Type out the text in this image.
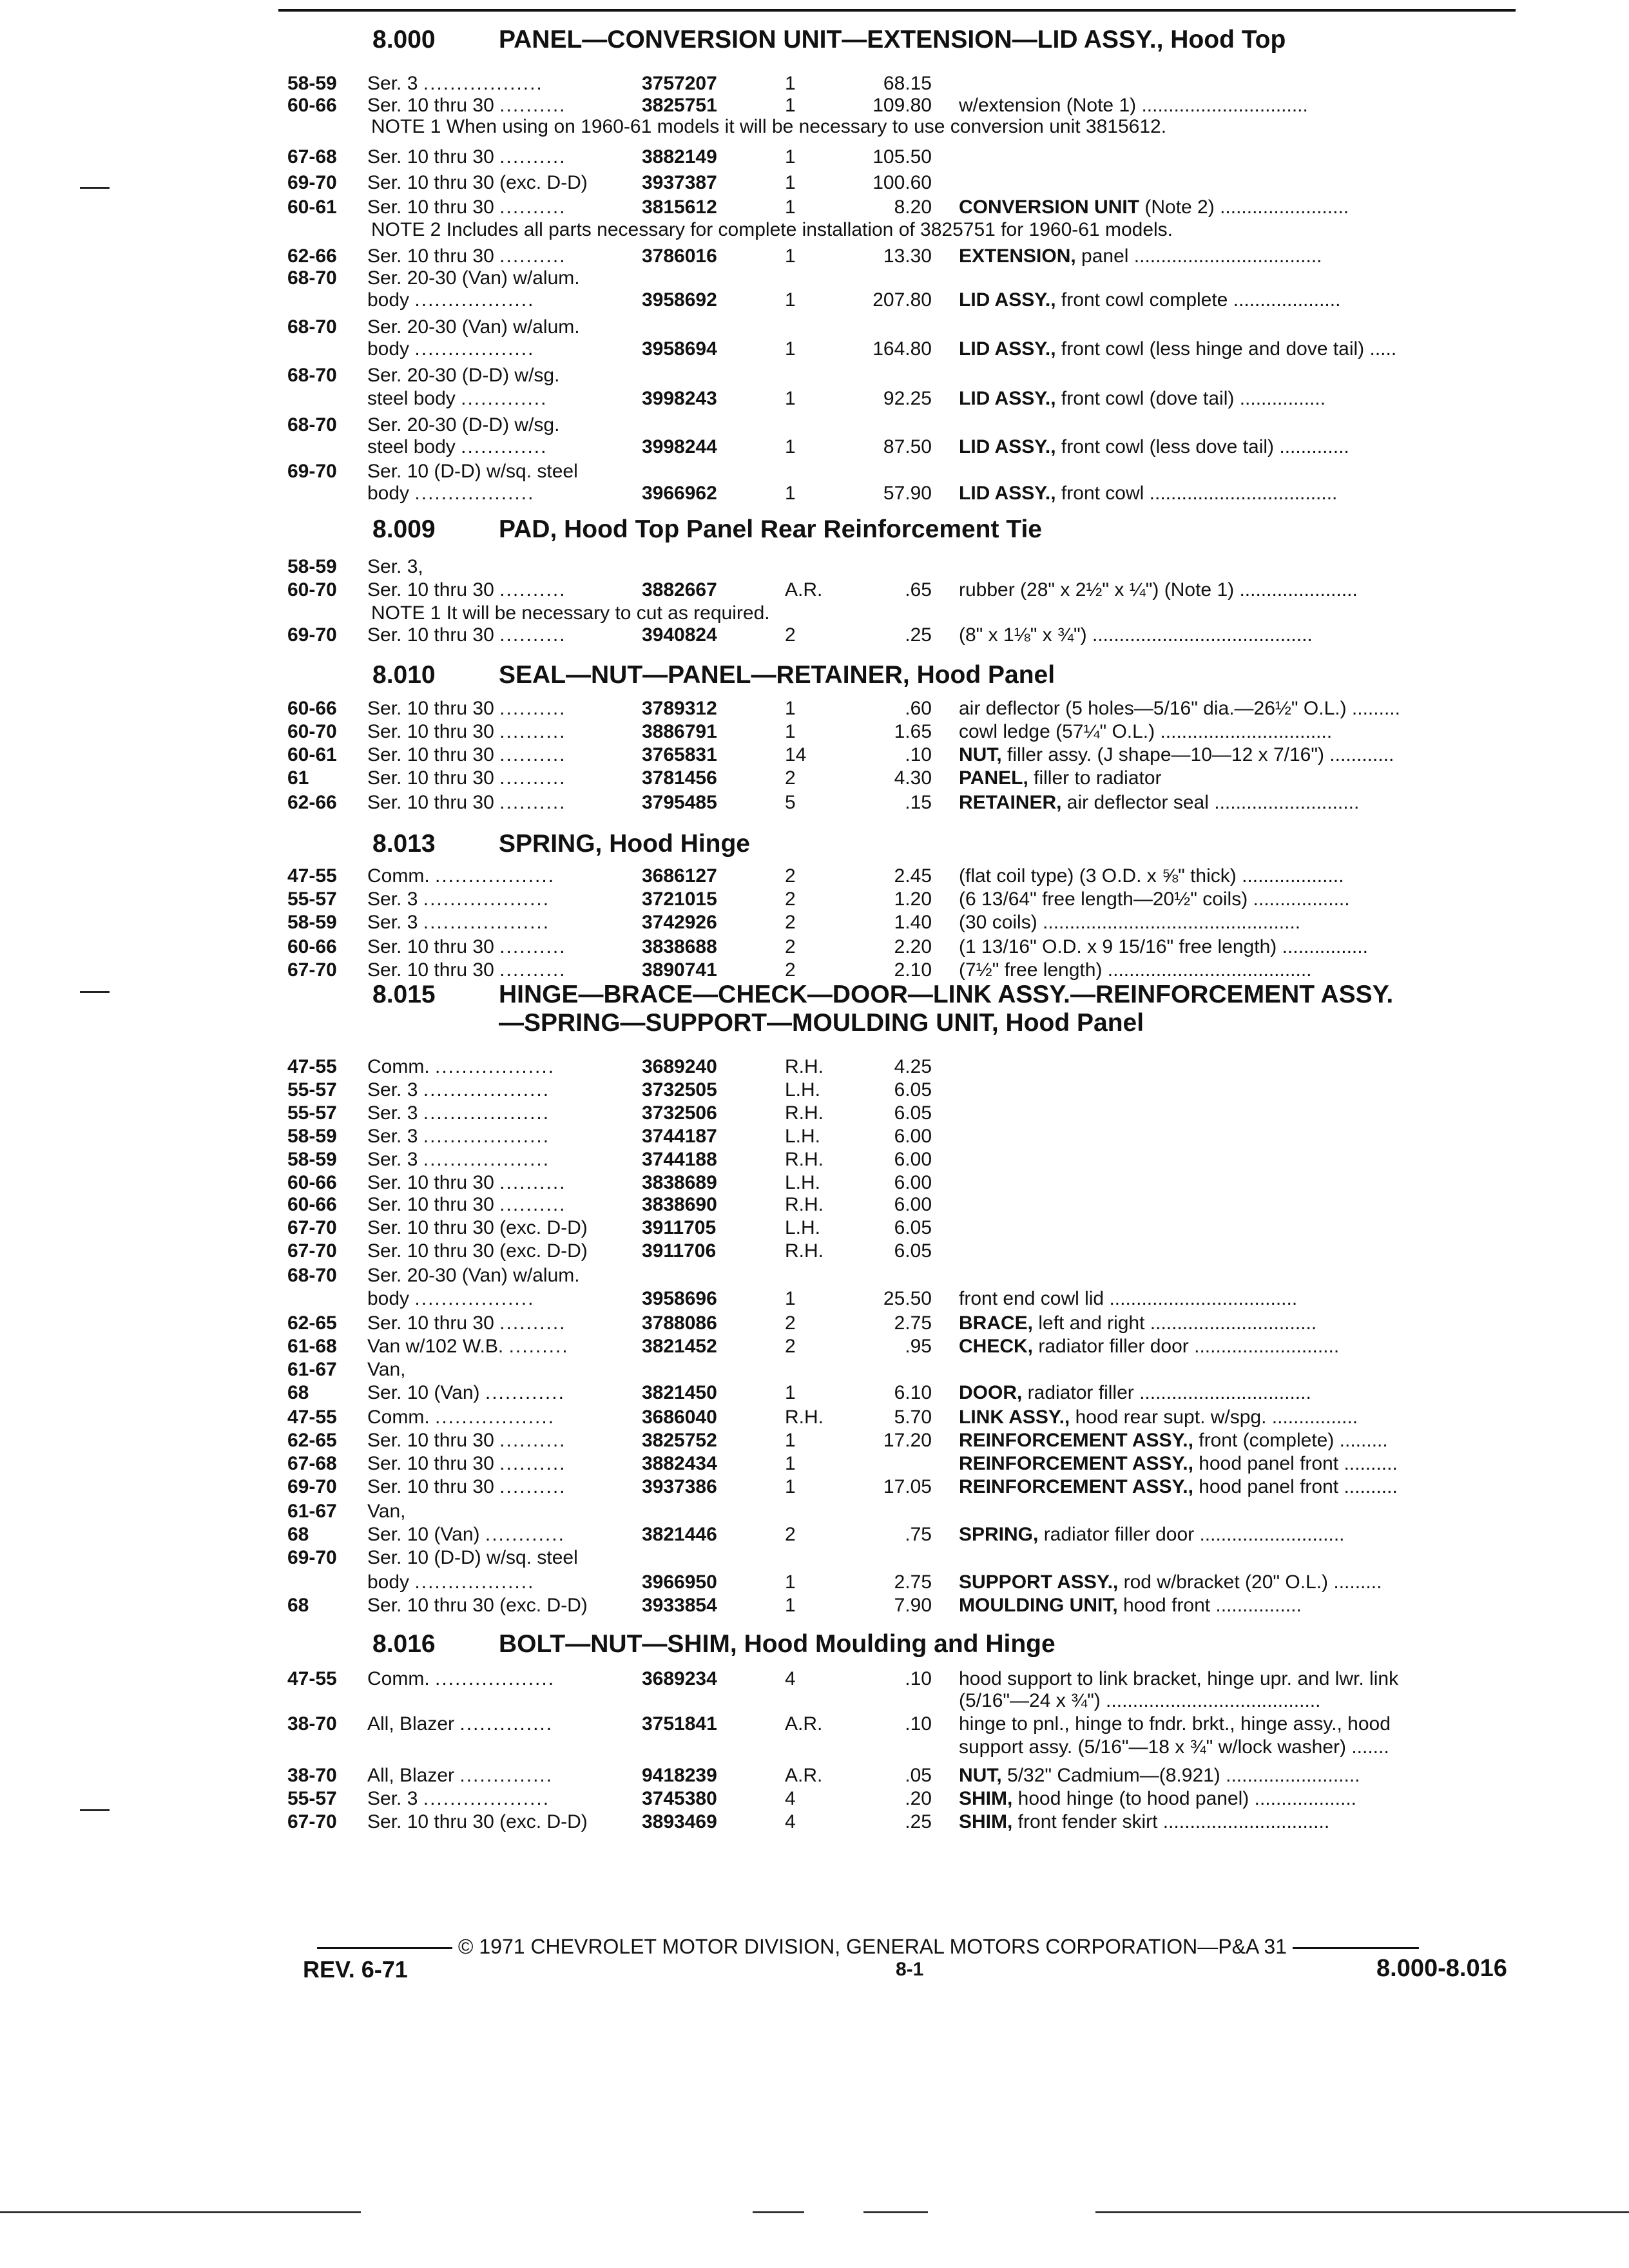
8.000	PANEL—CONVERSION UNIT—EXTENSION—LID ASSY., Hood Top
58-59 Ser. 3 ..................	3757207	1	68.15
60-66 Ser. 10 thru 30 ..........	3825751	1	109.80 w/extension (Note 1) ...............................
67-68 Ser. 10 thru 30 ..........	3882149	1	105.50
69-70 Ser. 10 thru 30 (exc. D-D)	3937387	1	100.60
60-61 Ser. 10 thru 30 ..........	3815612	1	8.20 CONVERSION UNIT (Note 2) ........................
62-66 Ser. 10 thru 30 ..........	3786016	1	13.30 EXTENSION, panel ...................................
68-70 Ser. 20-30 (Van) w/alum.
body ..................	3958692	1	207.80 LID ASSY., front cowl complete ....................
68-70 Ser. 20-30 (Van) w/alum.
body ..................	3958694	1	164.80 LID ASSY., front cowl (less hinge and dove tail) .....
68-70 Ser. 20-30 (D-D) w/sg.
steel body .............	3998243	1	92.25 LID ASSY., front cowl (dove tail) ................
68-70 Ser. 20-30 (D-D) w/sg.
steel body .............	3998244	1	87.50 LID ASSY., front cowl (less dove tail) .............
69-70 Ser. 10 (D-D) w/sq. steel
body ..................	3966962	1	57.90 LID ASSY., front cowl ...................................
NOTE 1 When using on 1960-61 models it will be necessary to use conversion unit 3815612.
NOTE 2 Includes all parts necessary for complete installation of 3825751 for 1960-61 models.
8.009	PAD, Hood Top Panel Rear Reinforcement Tie
58-59 Ser. 3,
60-70 Ser. 10 thru 30 ..........	3882667	A.R.	.65 rubber (28" x 2½" x ¼") (Note 1) ......................
69-70 Ser. 10 thru 30 ..........	3940824	2	.25 (8" x 1⅛" x ¾") .........................................
NOTE 1 It will be necessary to cut as required.
8.010	SEAL—NUT—PANEL—RETAINER, Hood Panel
60-66 Ser. 10 thru 30 ..........	3789312	1	.60 air deflector (5 holes—5/16" dia.—26½" O.L.) .........
60-70 Ser. 10 thru 30 ..........	3886791	1	1.65 cowl ledge (57¼" O.L.) ................................
60-61 Ser. 10 thru 30 ..........	3765831	14	.10 NUT, filler assy. (J shape—10—12 x 7/16") ............
61	Ser. 10 thru 30 ..........	3781456	2	4.30 PANEL, filler to radiator
62-66 Ser. 10 thru 30 ..........	3795485	5	.15 RETAINER, air deflector seal ...........................
8.013	SPRING, Hood Hinge
47-55 Comm. ..................	3686127	2	2.45 (flat coil type) (3 O.D. x ⅝" thick) ...................
55-57 Ser. 3 ...................	3721015	2	1.20 (6 13/64" free length—20½" coils) ..................
58-59 Ser. 3 ...................	3742926	2	1.40 (30 coils) ................................................
60-66 Ser. 10 thru 30 ..........	3838688	2	2.20 (1 13/16" O.D. x 9 15/16" free length) ................
67-70 Ser. 10 thru 30 ..........	3890741	2	2.10 (7½" free length) ......................................
8.015	HINGE—BRACE—CHECK—DOOR—LINK ASSY.—REINFORCEMENT ASSY.
—SPRING—SUPPORT—MOULDING UNIT, Hood Panel
47-55 Comm. ..................	3689240	R.H.	4.25
55-57 Ser. 3 ...................	3732505	L.H.	6.05
55-57 Ser. 3 ...................	3732506	R.H.	6.05
58-59 Ser. 3 ...................	3744187	L.H.	6.00
58-59 Ser. 3 ...................	3744188	R.H.	6.00
60-66 Ser. 10 thru 30 ..........	3838689	L.H.	6.00
60-66 Ser. 10 thru 30 ..........	3838690	R.H.	6.00
67-70 Ser. 10 thru 30 (exc. D-D)	3911705	L.H.	6.05
67-70 Ser. 10 thru 30 (exc. D-D)	3911706	R.H.	6.05
68-70 Ser. 20-30 (Van) w/alum.
body ..................	3958696	1	25.50 front end cowl lid ...................................
62-65 Ser. 10 thru 30 ..........	3788086	2	2.75 BRACE, left and right ...............................
61-68 Van w/102 W.B. .........	3821452	2	.95 CHECK, radiator filler door ...........................
61-67 Van,
68	Ser. 10 (Van) ............	3821450	1	6.10 DOOR, radiator filler ................................
47-55 Comm. ..................	3686040	R.H.	5.70 LINK ASSY., hood rear supt. w/spg. ................
62-65 Ser. 10 thru 30 ..........	3825752	1	17.20 REINFORCEMENT ASSY., front (complete) .........
67-68 Ser. 10 thru 30 ..........	3882434	1	REINFORCEMENT ASSY., hood panel front ..........
69-70 Ser. 10 thru 30 ..........	3937386	1	17.05 REINFORCEMENT ASSY., hood panel front ..........
61-67 Van,
68	Ser. 10 (Van) ............	3821446	2	.75 SPRING, radiator filler door ...........................
69-70 Ser. 10 (D-D) w/sq. steel
body ..................	3966950	1	2.75 SUPPORT ASSY., rod w/bracket (20" O.L.) .........
68	Ser. 10 thru 30 (exc. D-D)	3933854	1	7.90 MOULDING UNIT, hood front ................
8.016	BOLT—NUT—SHIM, Hood Moulding and Hinge
47-55 Comm. ..................	3689234	4	.10 hood support to link bracket, hinge upr. and lwr. link
(5/16"—24 x ¾") ........................................
38-70 All, Blazer ..............	3751841	A.R.	.10 hinge to pnl., hinge to fndr. brkt., hinge assy., hood
support assy. (5/16"—18 x ¾" w/lock washer) .......
38-70 All, Blazer ..............	9418239	A.R.	.05 NUT, 5/32" Cadmium—(8.921) .........................
55-57 Ser. 3 ...................	3745380	4	.20 SHIM, hood hinge (to hood panel) ...................
67-70 Ser. 10 thru 30 (exc. D-D)	3893469	4	.25 SHIM, front fender skirt ...............................
© 1971 CHEVROLET MOTOR DIVISION, GENERAL MOTORS CORPORATION—P&A 31
REV. 6-71	8-1	8.000-8.016
